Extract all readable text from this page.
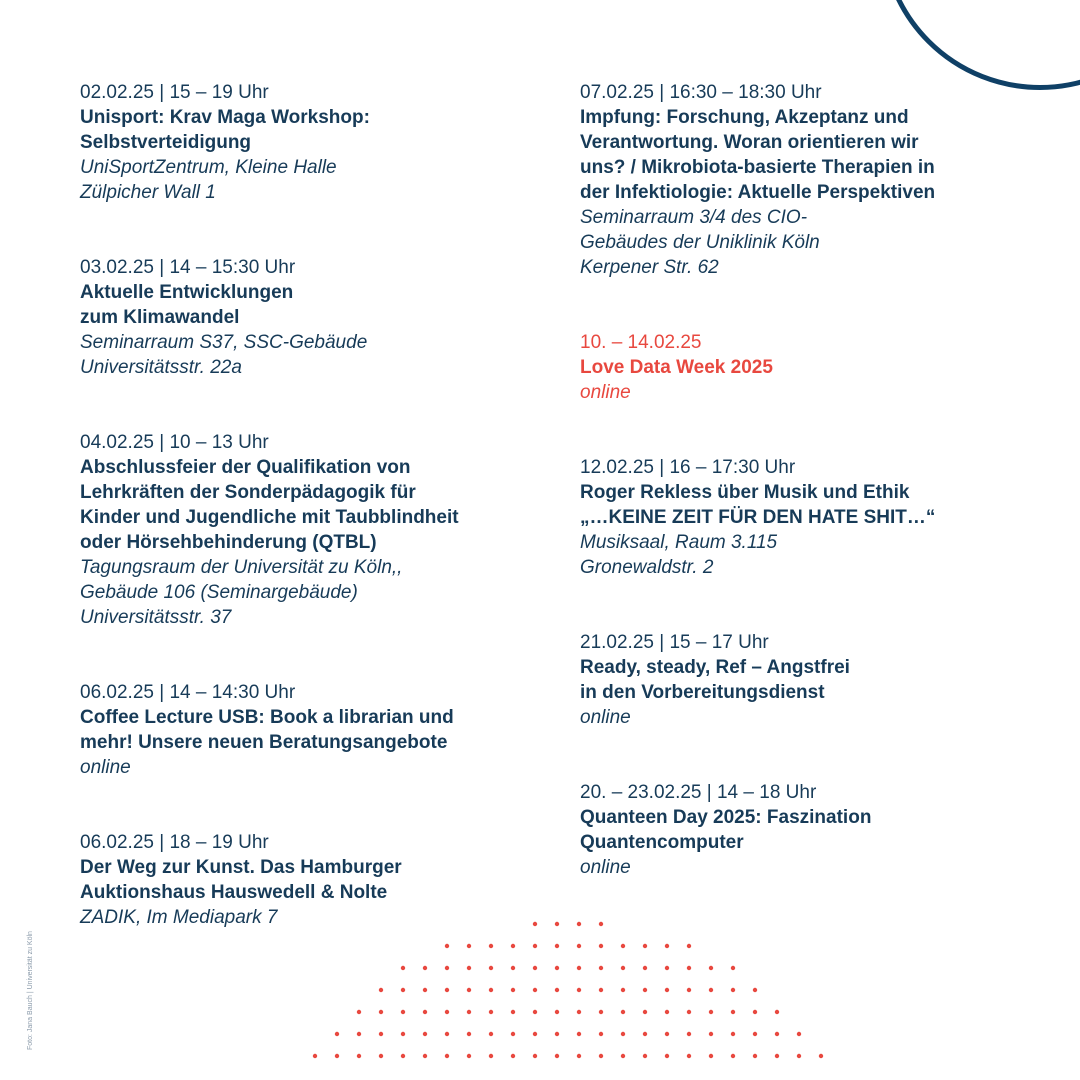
02.02.25 | 15 – 19 Uhr
Unisport: Krav Maga Workshop:
Selbstverteidigung
UniSportZentrum, Kleine Halle
Zülpicher Wall 1
03.02.25 | 14 – 15:30 Uhr
Aktuelle Entwicklungen
zum Klimawandel
Seminarraum S37, SSC-Gebäude
Universitätsstr. 22a
04.02.25 | 10 – 13 Uhr
Abschlussfeier der Qualifikation von
Lehrkräften der Sonderpädagogik für
Kinder und Jugendliche mit Taubblindheit
oder Hörsehbehinderung (QTBL)
Tagungsraum der Universität zu Köln,,
Gebäude 106 (Seminargebäude)
Universitätsstr. 37
06.02.25 | 14 – 14:30 Uhr
Coffee Lecture USB: Book a librarian und
mehr! Unsere neuen Beratungsangebote
online
06.02.25 | 18 – 19 Uhr
Der Weg zur Kunst. Das Hamburger
Auktionshaus Hauswedell & Nolte
ZADIK, Im Mediapark 7
07.02.25 | 16:30 – 18:30 Uhr
Impfung: Forschung, Akzeptanz und
Verantwortung. Woran orientieren wir
uns? / Mikrobiota-basierte Therapien in
der Infektiologie: Aktuelle Perspektiven
Seminarraum 3/4 des CIO-
Gebäudes der Uniklinik Köln
Kerpener Str. 62
10. – 14.02.25
Love Data Week 2025
online
12.02.25 | 16 – 17:30 Uhr
Roger Rekless über Musik und Ethik
„…KEINE ZEIT FÜR DEN HATE SHIT…“
Musiksaal, Raum 3.115
Gronewaldstr. 2
21.02.25 | 15 – 17 Uhr
Ready, steady, Ref – Angstfrei
in den Vorbereitungsdienst
online
20. – 23.02.25 | 14 – 18 Uhr
Quanteen Day 2025: Faszination
Quantencomputer
online
Foto: Jana Bauch | Universität zu Köln
